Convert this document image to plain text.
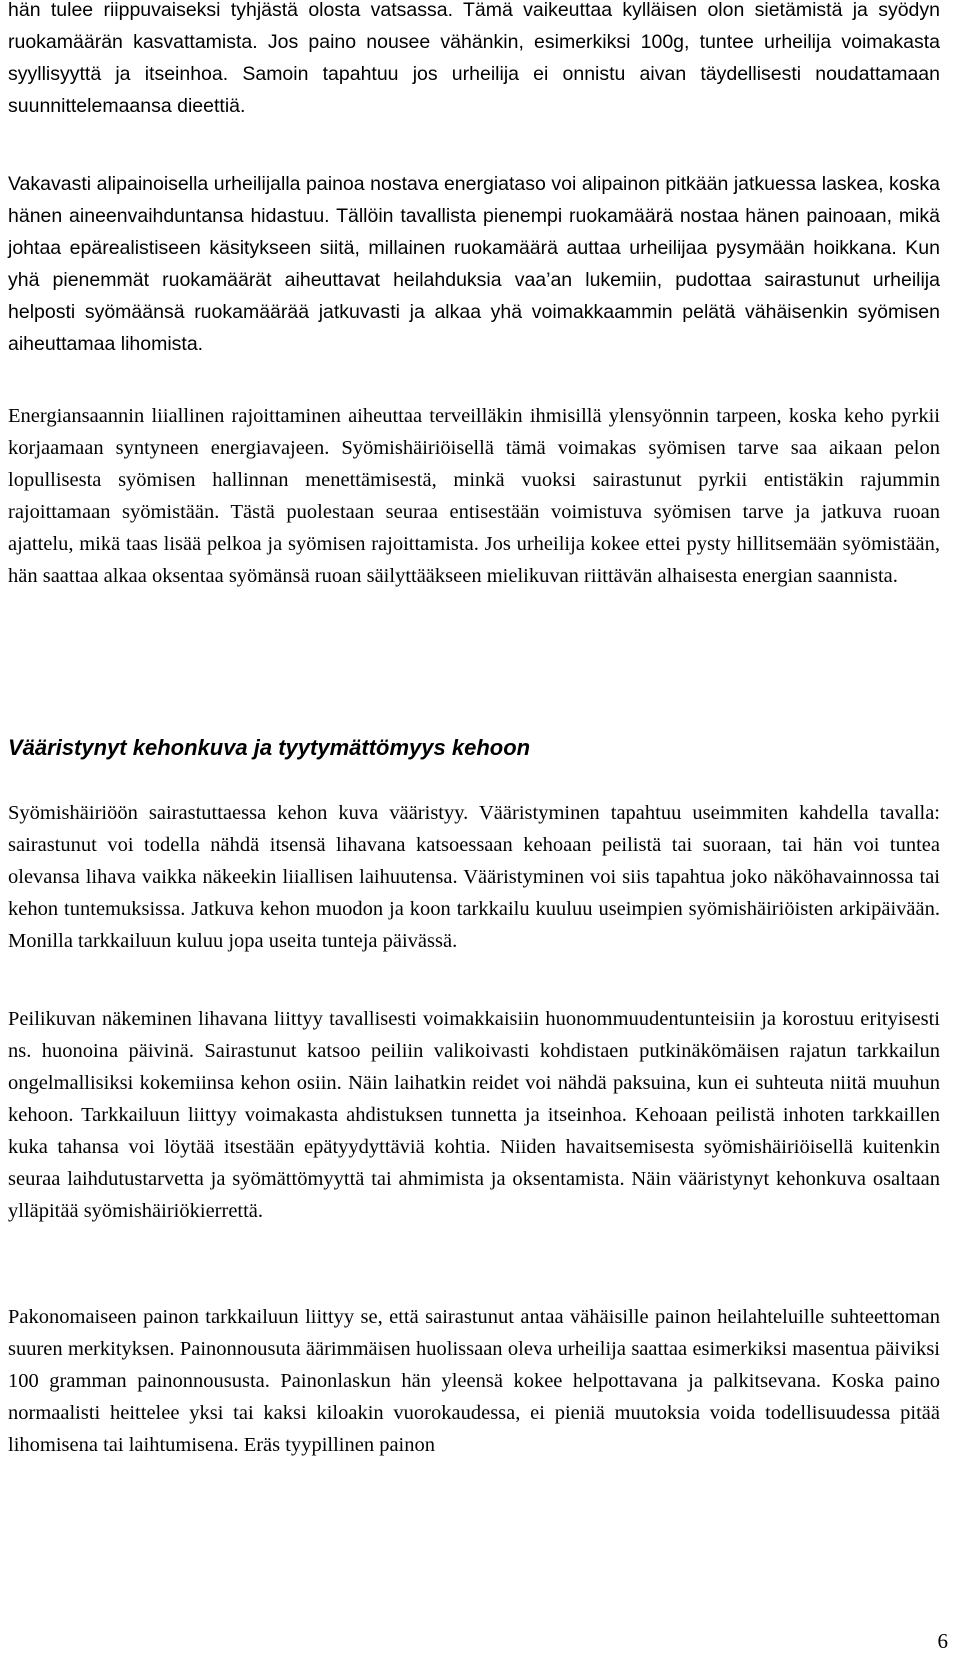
hän tulee riippuvaiseksi tyhjästä olosta vatsassa. Tämä vaikeuttaa kylläisen olon sietämistä ja syödyn ruokamäärän kasvattamista. Jos paino nousee vähänkin, esimerkiksi 100g, tuntee urheilija voimakasta syyllisyyttä ja itseinhoa. Samoin tapahtuu jos urheilija ei onnistu aivan täydellisesti noudattamaan suunnittelemaansa dieettiä.

Vakavasti alipainoisella urheilijalla painoa nostava energiataso voi alipainon pitkään jatkuessa laskea, koska hänen aineenvaihduntansa hidastuu. Tällöin tavallista pienempi ruokamäärä nostaa hänen painoaan, mikä johtaa epärealistiseen käsitykseen siitä, millainen ruokamäärä auttaa urheilijaa pysymään hoikkana. Kun yhä pienemmät ruokamäärät aiheuttavat heilahduksia vaa’an lukemiin, pudottaa sairastunut urheilija helposti syömäänsä ruokamäärää jatkuvasti ja alkaa yhä voimakkaammin pelätä vähäisenkin syömisen aiheuttamaa lihomista.

Energiansaannin liiallinen rajoittaminen aiheuttaa terveilläkin ihmisillä ylensyönnin tarpeen, koska keho pyrkii korjaamaan syntyneen energiavajeen. Syömishäiriöisellä tämä voimakas syömisen tarve saa aikaan pelon lopullisesta syömisen hallinnan menettämisestä, minkä vuoksi sairastunut pyrkii entistäkin rajummin rajoittamaan syömistään. Tästä puolestaan seuraa entisestään voimistuva syömisen tarve ja jatkuva ruoan ajattelu, mikä taas lisää pelkoa ja syömisen rajoittamista. Jos urheilija kokee ettei pysty hillitsemään syömistään, hän saattaa alkaa oksentaa syömänsä ruoan säilyttääkseen mielikuvan riittävän alhaisesta energian saannista.

Vääristynyt kehonkuva ja tyytymättömyys kehoon

Syömishäiriöön sairastuttaessa kehon kuva vääristyy. Vääristyminen tapahtuu useimmiten kahdella tavalla: sairastunut voi todella nähdä itsensä lihavana katsoessaan kehoaan peilistä tai suoraan, tai hän voi tuntea olevansa lihava vaikka näkeekin liiallisen laihuutensa. Vääristyminen voi siis tapahtua joko näköhavainnossa tai kehon tuntemuksissa. Jatkuva kehon muodon ja koon tarkkailu kuuluu useimpien syömishäiriöisten arkipäivään. Monilla tarkkailuun kuluu jopa useita tunteja päivässä.

Peilikuvan näkeminen lihavana liittyy tavallisesti voimakkaisiin huonommuudentunteisiin ja korostuu erityisesti ns. huonoina päivinä. Sairastunut katsoo peiliin valikoivasti kohdistaen putkinäkömäisen rajatun tarkkailun ongelmallisiksi kokemiinsa kehon osiin. Näin laihatkin reidet voi nähdä paksuina, kun ei suhteuta niitä muuhun kehoon. Tarkkailuun liittyy voimakasta ahdistuksen tunnetta ja itseinhoa. Kehoaan peilistä inhoten tarkkaillen kuka tahansa voi löytää itsestään epätyydyttäviä kohtia. Niiden havaitsemisesta syömishäiriöisellä kuitenkin seuraa laihdutustarvetta ja syömättömyyttä tai ahmimista ja oksentamista. Näin vääristynyt kehonkuva osaltaan ylläpitää syömishäiriökierrettä.

Pakonomaiseen painon tarkkailuun liittyy se, että sairastunut antaa vähäisille painon heilahteluille suhteettoman suuren merkityksen. Painonnousuta äärimmäisen huolissaan oleva urheilija saattaa esimerkiksi masentua päiviksi 100 gramman painonnoususta. Painonlaskun hän yleensä kokee helpottavana ja palkitsevana. Koska paino normaalisti heittelee yksi tai kaksi kiloakin vuorokaudessa, ei pieniä muutoksia voida todellisuudessa pitää lihomisena tai laihtumisena. Eräs tyypillinen painon

6
